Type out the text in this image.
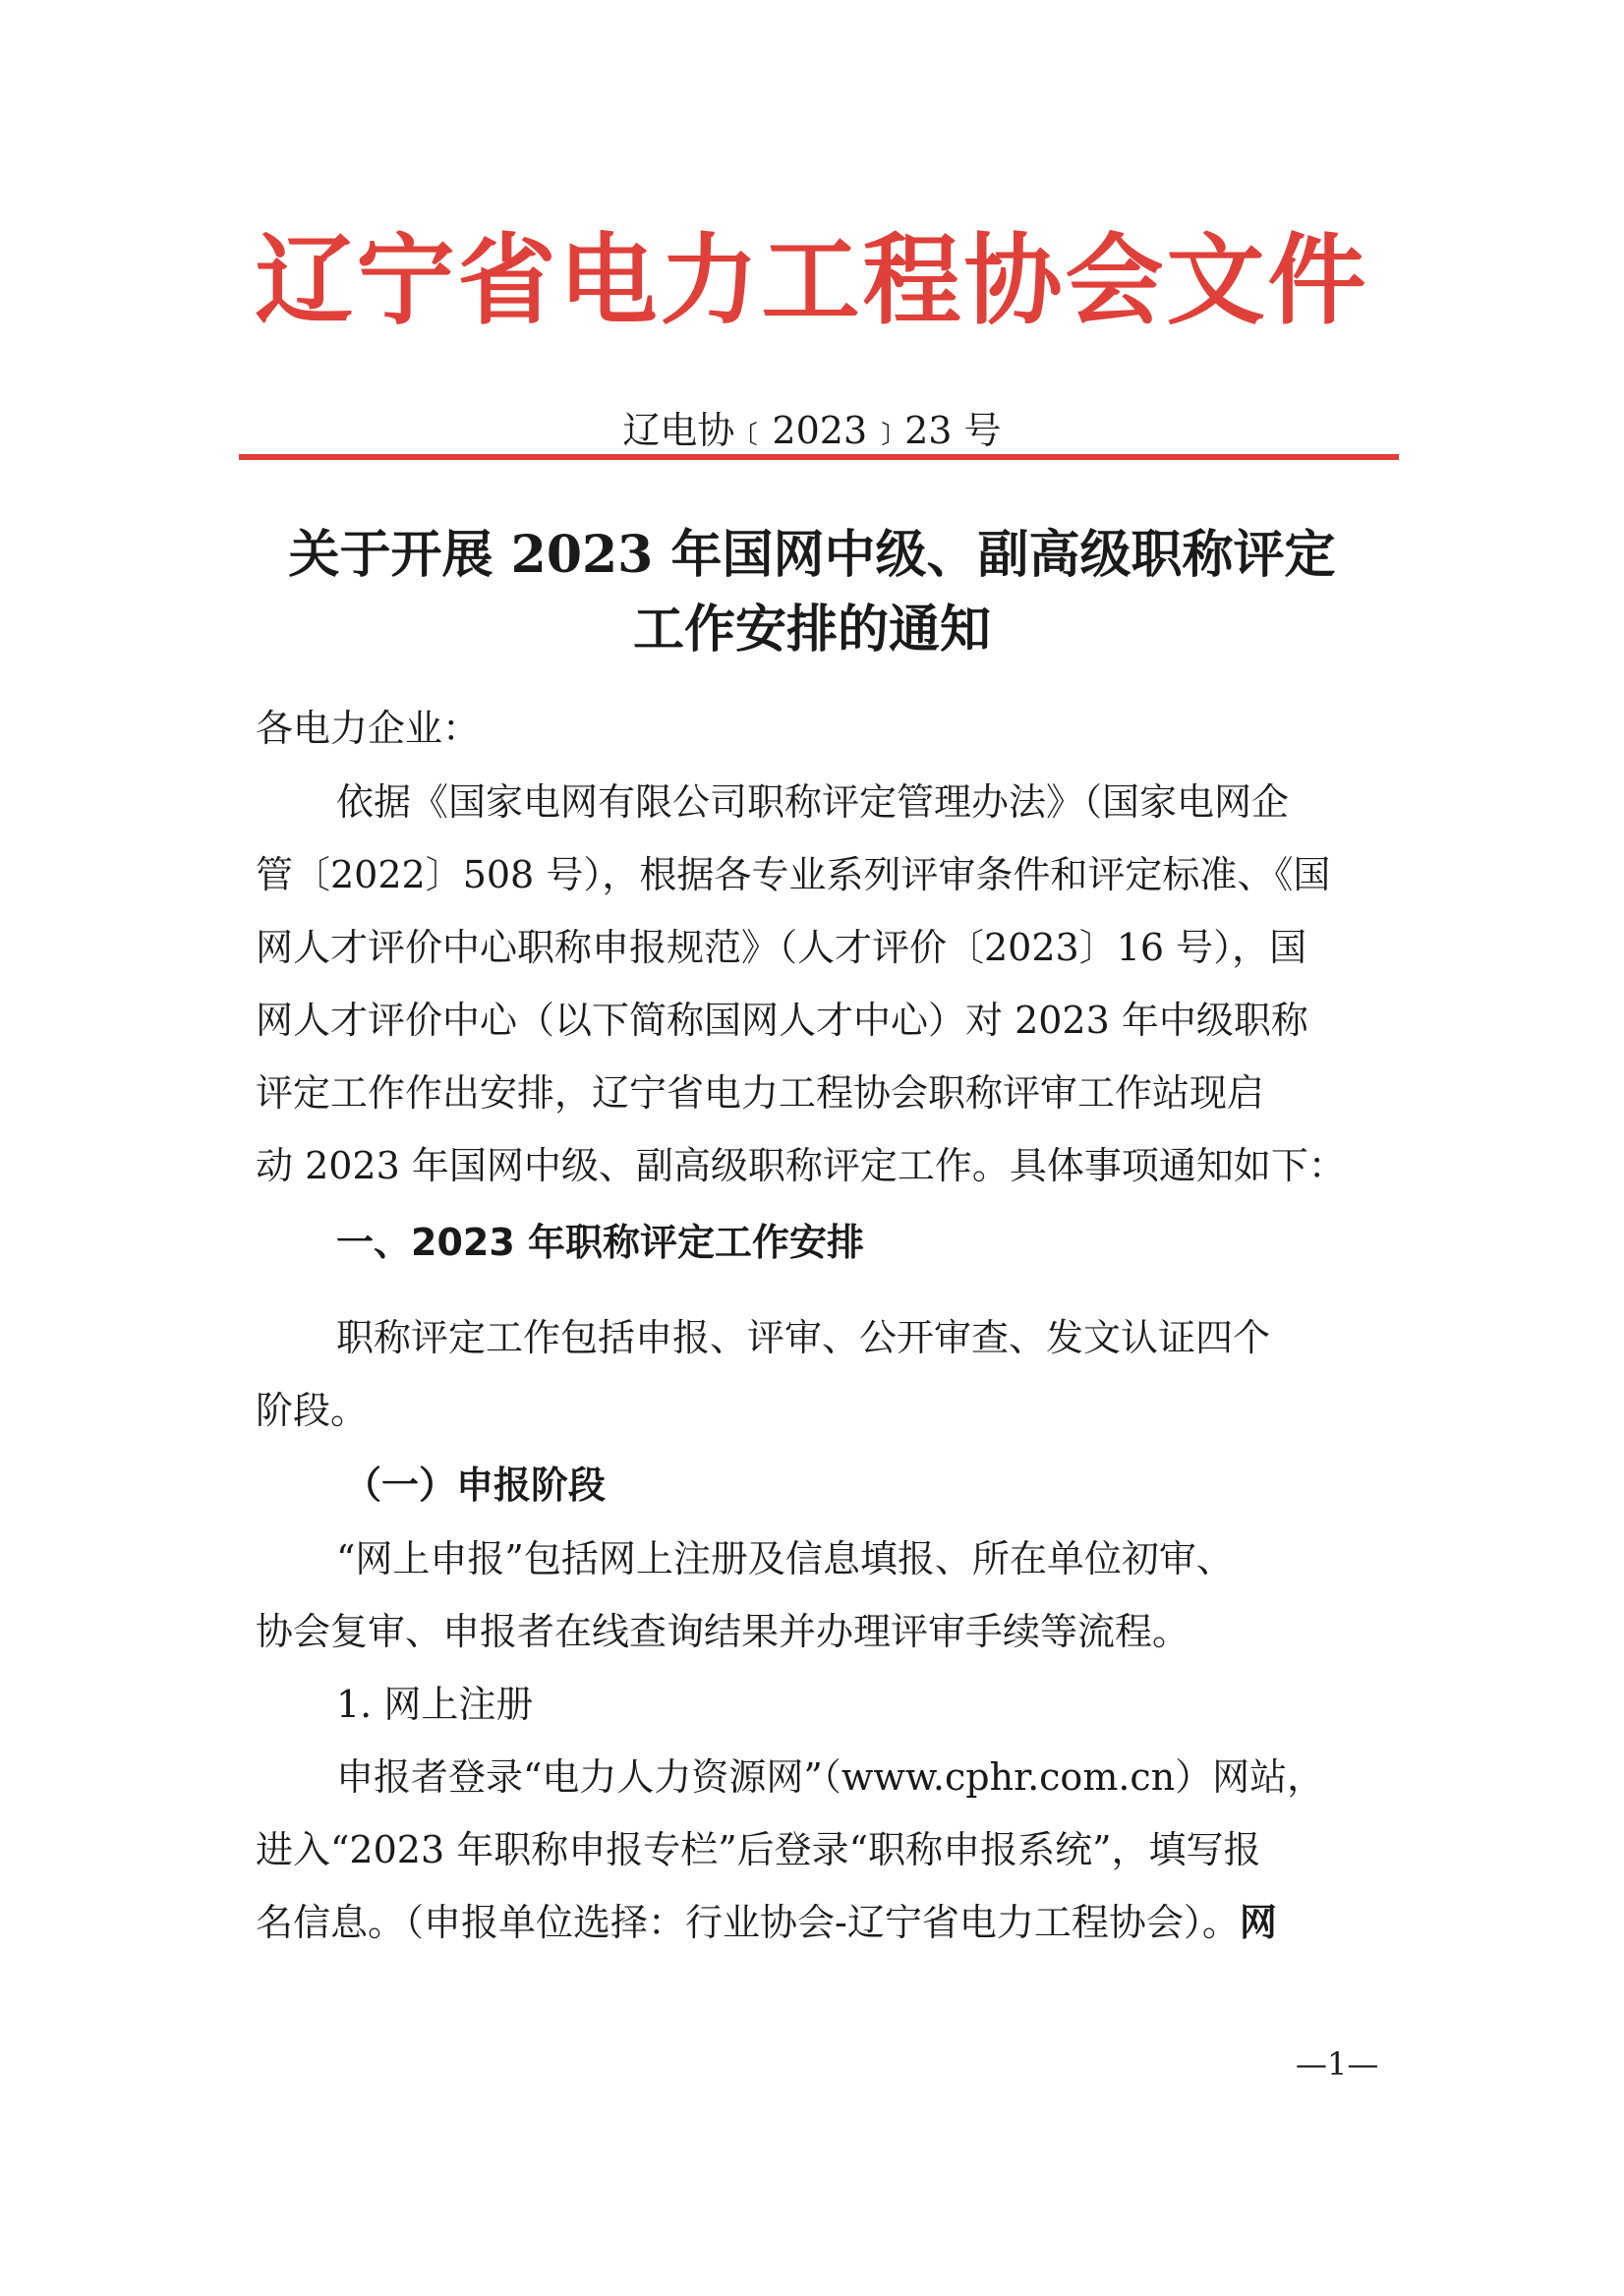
辽宁省电力工程协会文件
辽电协﹝2023﹞23 号
关于开展 2023 年国网中级、副高级职称评定
工作安排的通知
各电力企业：
依据《国家电网有限公司职称评定管理办法》（国家电网企
管〔2022〕508 号），根据各专业系列评审条件和评定标准、《国
网人才评价中心职称申报规范》（人才评价〔2023〕16 号），国
网人才评价中心（以下简称国网人才中心）对 2023 年中级职称
评定工作作出安排，辽宁省电力工程协会职称评审工作站现启
动 2023 年国网中级、副高级职称评定工作。具体事项通知如下：
一、2023 年职称评定工作安排
职称评定工作包括申报、评审、公开审查、发文认证四个
阶段。
（一）申报阶段
“网上申报”包括网上注册及信息填报、所在单位初审、
协会复审、申报者在线查询结果并办理评审手续等流程。
1. 网上注册
申报者登录“电力人力资源网”（www.cphr.com.cn）网站，
进入“2023 年职称申报专栏”后登录“职称申报系统”，填写报
名信息。（申报单位选择：行业协会-辽宁省电力工程协会）。网
—1—
